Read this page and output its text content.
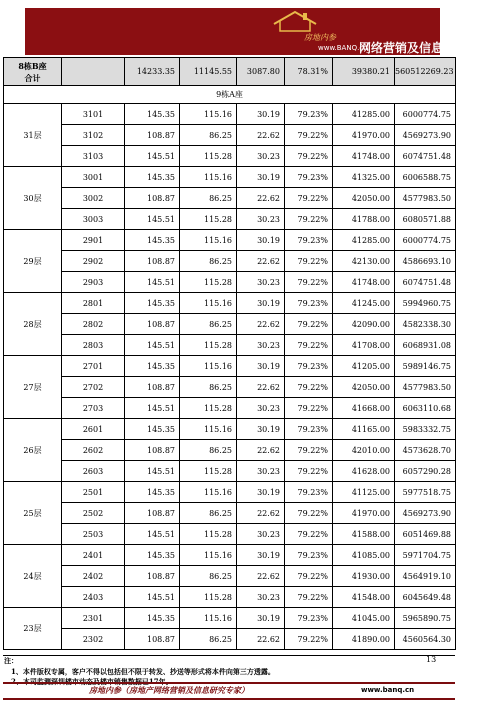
房地内参
www.BANQ.cn
网络营销及信息研究专家
8栋B座
合计		14233.35	11145.55	3087.80	78.31%	39380.21	560512269.23
9栋A座							
31层	3101	145.35	115.16	30.19	79.23%	41285.00	6000774.75
	3102	108.87	86.25	22.62	79.22%	41970.00	4569273.90
	3103	145.51	115.28	30.23	79.22%	41748.00	6074751.48
30层	3001	145.35	115.16	30.19	79.23%	41325.00	6006588.75
	3002	108.87	86.25	22.62	79.22%	42050.00	4577983.50
	3003	145.51	115.28	30.23	79.22%	41788.00	6080571.88
29层	2901	145.35	115.16	30.19	79.23%	41285.00	6000774.75
	2902	108.87	86.25	22.62	79.22%	42130.00	4586693.10
	2903	145.51	115.28	30.23	79.22%	41748.00	6074751.48
28层	2801	145.35	115.16	30.19	79.23%	41245.00	5994960.75
	2802	108.87	86.25	22.62	79.22%	42090.00	4582338.30
	2803	145.51	115.28	30.23	79.22%	41708.00	6068931.08
27层	2701	145.35	115.16	30.19	79.23%	41205.00	5989146.75
	2702	108.87	86.25	22.62	79.22%	42050.00	4577983.50
	2703	145.51	115.28	30.23	79.22%	41668.00	6063110.68
26层	2601	145.35	115.16	30.19	79.23%	41165.00	5983332.75
	2602	108.87	86.25	22.62	79.22%	42010.00	4573628.70
	2603	145.51	115.28	30.23	79.22%	41628.00	6057290.28
25层	2501	145.35	115.16	30.19	79.23%	41125.00	5977518.75
	2502	108.87	86.25	22.62	79.22%	41970.00	4569273.90
	2503	145.51	115.28	30.23	79.22%	41588.00	6051469.88
24层	2401	145.35	115.16	30.19	79.23%	41085.00	5971704.75
	2402	108.87	86.25	22.62	79.22%	41930.00	4564919.10
	2403	145.51	115.28	30.23	79.22%	41548.00	6045649.48
23层	2301	145.35	115.16	30.19	79.23%	41045.00	5965890.75
	2302	108.87	86.25	22.62	79.22%	41890.00	4560564.30
注：
1、本件版权专属，客户不得以包括但不限于转发、抄送等形式将本件向第三方透露。
2、本司监测深圳楼市动态及楼市销售数据已17年。
13
房地内参（房地产网络营销及信息研究专家）	www.banq.cn
